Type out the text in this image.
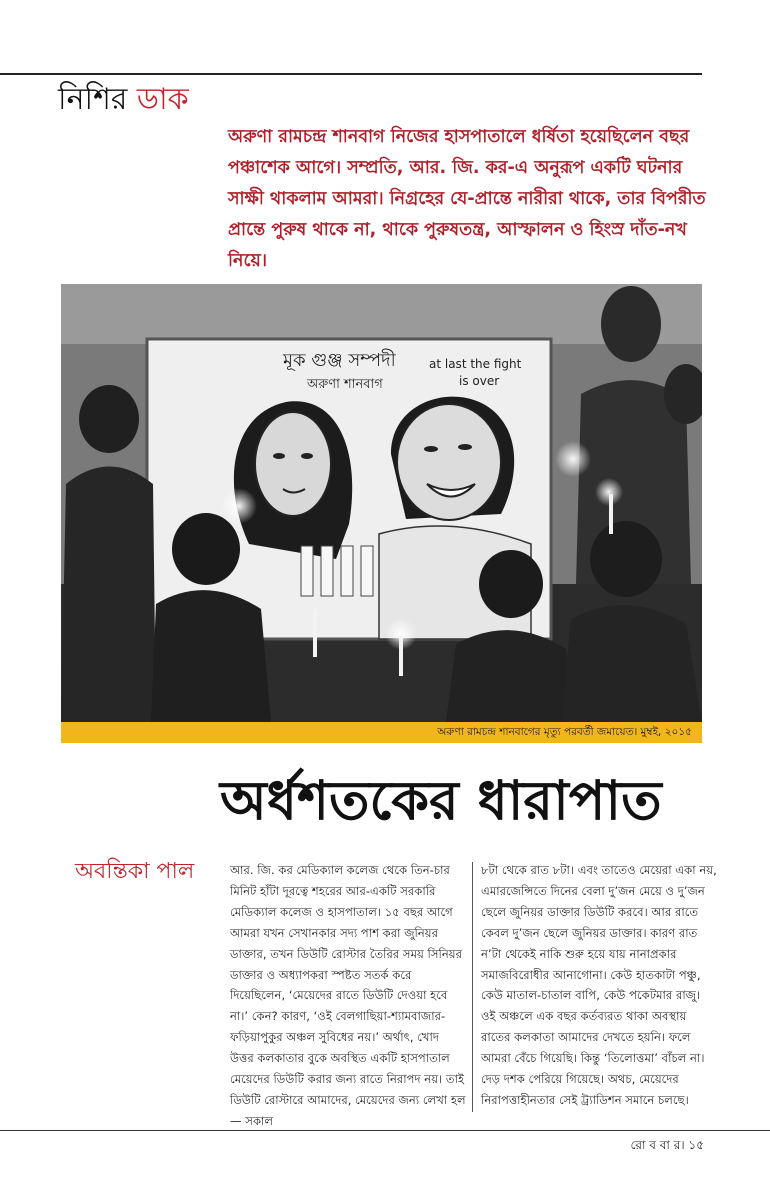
নিশির ডাক

অরুণা রামচন্দ্র শানবাগ নিজের হাসপাতালে ধর্ষিতা হয়েছিলেন বছর পঞ্চাশেক আগে। সম্প্রতি, আর. জি. কর-এ অনুরূপ একটি ঘটনার সাক্ষী থাকলাম আমরা। নিগ্রহের যে-প্রান্তে নারীরা থাকে, তার বিপরীত প্রান্তে পুরুষ থাকে না, থাকে পুরুষতন্ত্র, আস্ফালন ও হিংস্র দাঁত-নখ নিয়ে।

মূক গুঞ্জ সম্পদী
অরুণা শানবাগ
at last the fight
is over
অরুণা রামচন্দ্র শানবাগের মৃত্যু পরবর্তী জমায়েত। মুম্বই, ২০১৫
অর্ধশতকের ধারাপাত
অবন্তিকা পাল	আর. জি. কর মেডিক্যাল কলেজ থেকে তিন-চার মিনিট হাঁটা দূরত্বে শহরের আর-একটি সরকারি মেডিক্যাল কলেজ ও হাসপাতাল। ১৫ বছর আগে আমরা যখন সেখানকার সদ্য পাশ করা জুনিয়র ডাক্তার, তখন ডিউটি রোস্টার তৈরির সময় সিনিয়র ডাক্তার ও অধ্যাপকরা স্পষ্টত সতর্ক করে দিয়েছিলেন, ‘মেয়েদের রাতে ডিউটি দেওয়া হবে না।’ কেন? কারণ, ‘ওই বেলগাছিয়া-শ্যামবাজার-ফড়িয়াপুকুর অঞ্চল সুবিধের নয়।’ অর্থাৎ, খোদ উত্তর কলকাতার বুকে অবস্থিত একটি হাসপাতাল মেয়েদের ডিউটি করার জন্য রাতে নিরাপদ নয়। তাই ডিউটি রোস্টারে আমাদের, মেয়েদের জন্য লেখা হল— সকাল

৮টা থেকে রাত ৮টা। এবং তাতেও মেয়েরা একা নয়, এমারজেন্সিতে দিনের বেলা দু’জন মেয়ে ও দু’জন ছেলে জুনিয়র ডাক্তার ডিউটি করবে। আর রাতে কেবল দু’জন ছেলে জুনিয়র ডাক্তার। কারণ রাত ন’টা থেকেই নাকি শুরু হয়ে যায় নানাপ্রকার সমাজবিরোধীর আনাগোনা। কেউ হাতকাটা পঞ্চু, কেউ মাতাল-চাতাল বাপি, কেউ পকেটমার রাজু। ওই অঞ্চলে এক বছর কর্তব্যরত থাকা অবস্থায় রাতের কলকাতা আমাদের দেখতে হয়নি। ফলে আমরা বেঁচে গিয়েছি। কিন্তু ‘তিলোত্তমা’ বাঁচল না। দেড় দশক পেরিয়ে গিয়েছে। অথচ, মেয়েদের নিরাপত্তাহীনতার সেই ট্র্যাডিশন সমানে চলছে।

রো ব বা র। ১৫
